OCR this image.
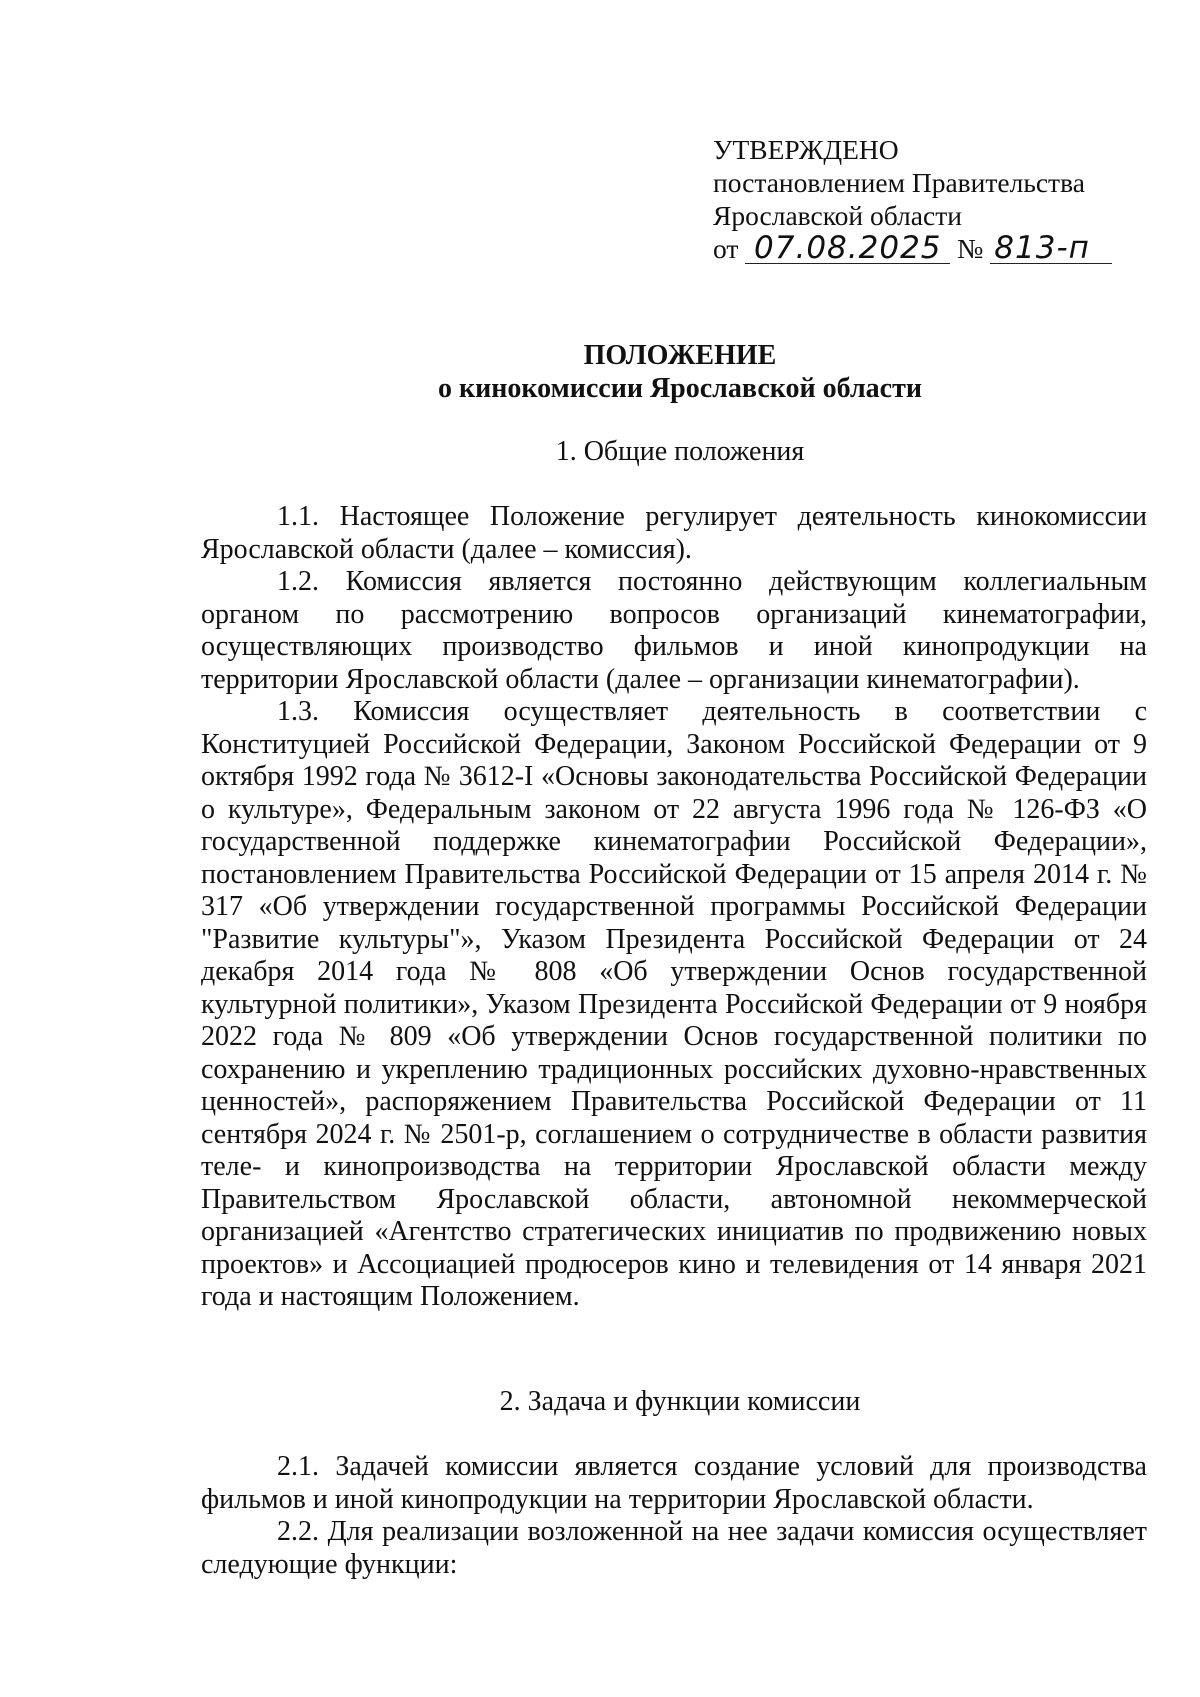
УТВЕРЖДЕНО
постановлением Правительства
Ярославской области
от 07.08.2025 № 813-п
ПОЛОЖЕНИЕ
о кинокомиссии Ярославской области
1. Общие положения

1.1. Настоящее Положение регулирует деятельность кинокомиссии Ярославской области (далее – комиссия).

1.2. Комиссия является постоянно действующим коллегиальным органом по рассмотрению вопросов организаций кинематографии, осуществляющих производство фильмов и иной кинопродукции на территории Ярославской области (далее – организации кинематографии).

1.3. Комиссия осуществляет деятельность в соответствии с Конституцией Российской Федерации, Законом Российской Федерации от 9 октября 1992 года № 3612-I «Основы законодательства Российской Федерации о культуре», Федеральным законом от 22 августа 1996 года № 126-ФЗ «О государственной поддержке кинематографии Российской Федерации», постановлением Правительства Российской Федерации от 15 апреля 2014 г. № 317 «Об утверждении государственной программы Российской Федерации "Развитие культуры"», Указом Президента Российской Федерации от 24 декабря 2014 года № 808 «Об утверждении Основ государственной культурной политики», Указом Президента Российской Федерации от 9 ноября 2022 года № 809 «Об утверждении Основ государственной политики по сохранению и укреплению традиционных российских духовно-нравственных ценностей», распоряжением Правительства Российской Федерации от 11 сентября 2024 г. № 2501-р, соглашением о сотрудничестве в области развития теле- и кинопроизводства на территории Ярославской области между Правительством Ярославской области, автономной некоммерческой организацией «Агентство стратегических инициатив по продвижению новых проектов» и Ассоциацией продюсеров кино и телевидения от 14 января 2021 года и настоящим Положением.

2. Задача и функции комиссии

2.1. Задачей комиссии является создание условий для производства фильмов и иной кинопродукции на территории Ярославской области.

2.2. Для реализации возложенной на нее задачи комиссия осуществляет следующие функции:
